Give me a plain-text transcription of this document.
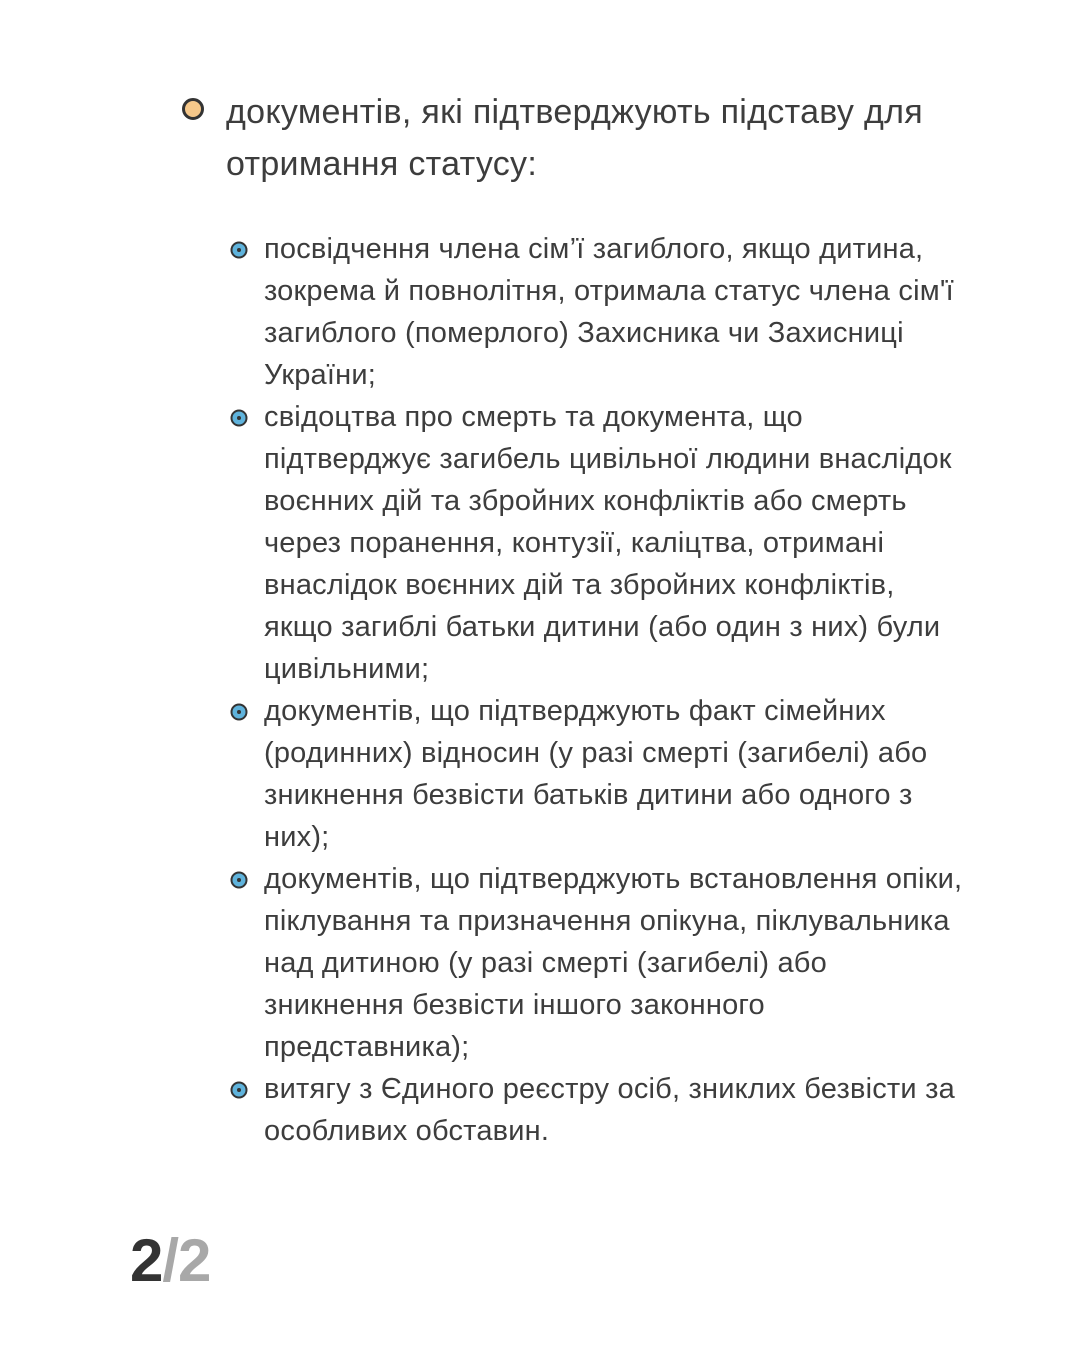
документів, які підтверджують підставу для отримання статусу:
посвідчення члена сім’ї загиблого, якщо дитина, зокрема й повнолітня, отримала статус члена сім'ї загиблого (померлого) Захисника чи Захисниці України;
свідоцтва про смерть та документа, що підтверджує загибель цивільної людини внаслідок воєнних дій та збройних конфліктів або смерть через поранення, контузії, каліцтва, отримані внаслідок воєнних дій та збройних конфліктів, якщо загиблі батьки дитини (або один з них) були цивільними;
документів, що підтверджують факт сімейних (родинних) відносин (у разі смерті (загибелі) або зникнення безвісти батьків дитини або одного з них);
документів, що підтверджують встановлення опіки, піклування та призначення опікуна, піклувальника над дитиною (у разі смерті (загибелі) або зникнення безвісти іншого законного представника);
витягу з Єдиного реєстру осіб, зниклих безвісти за особливих обставин.
2/2
